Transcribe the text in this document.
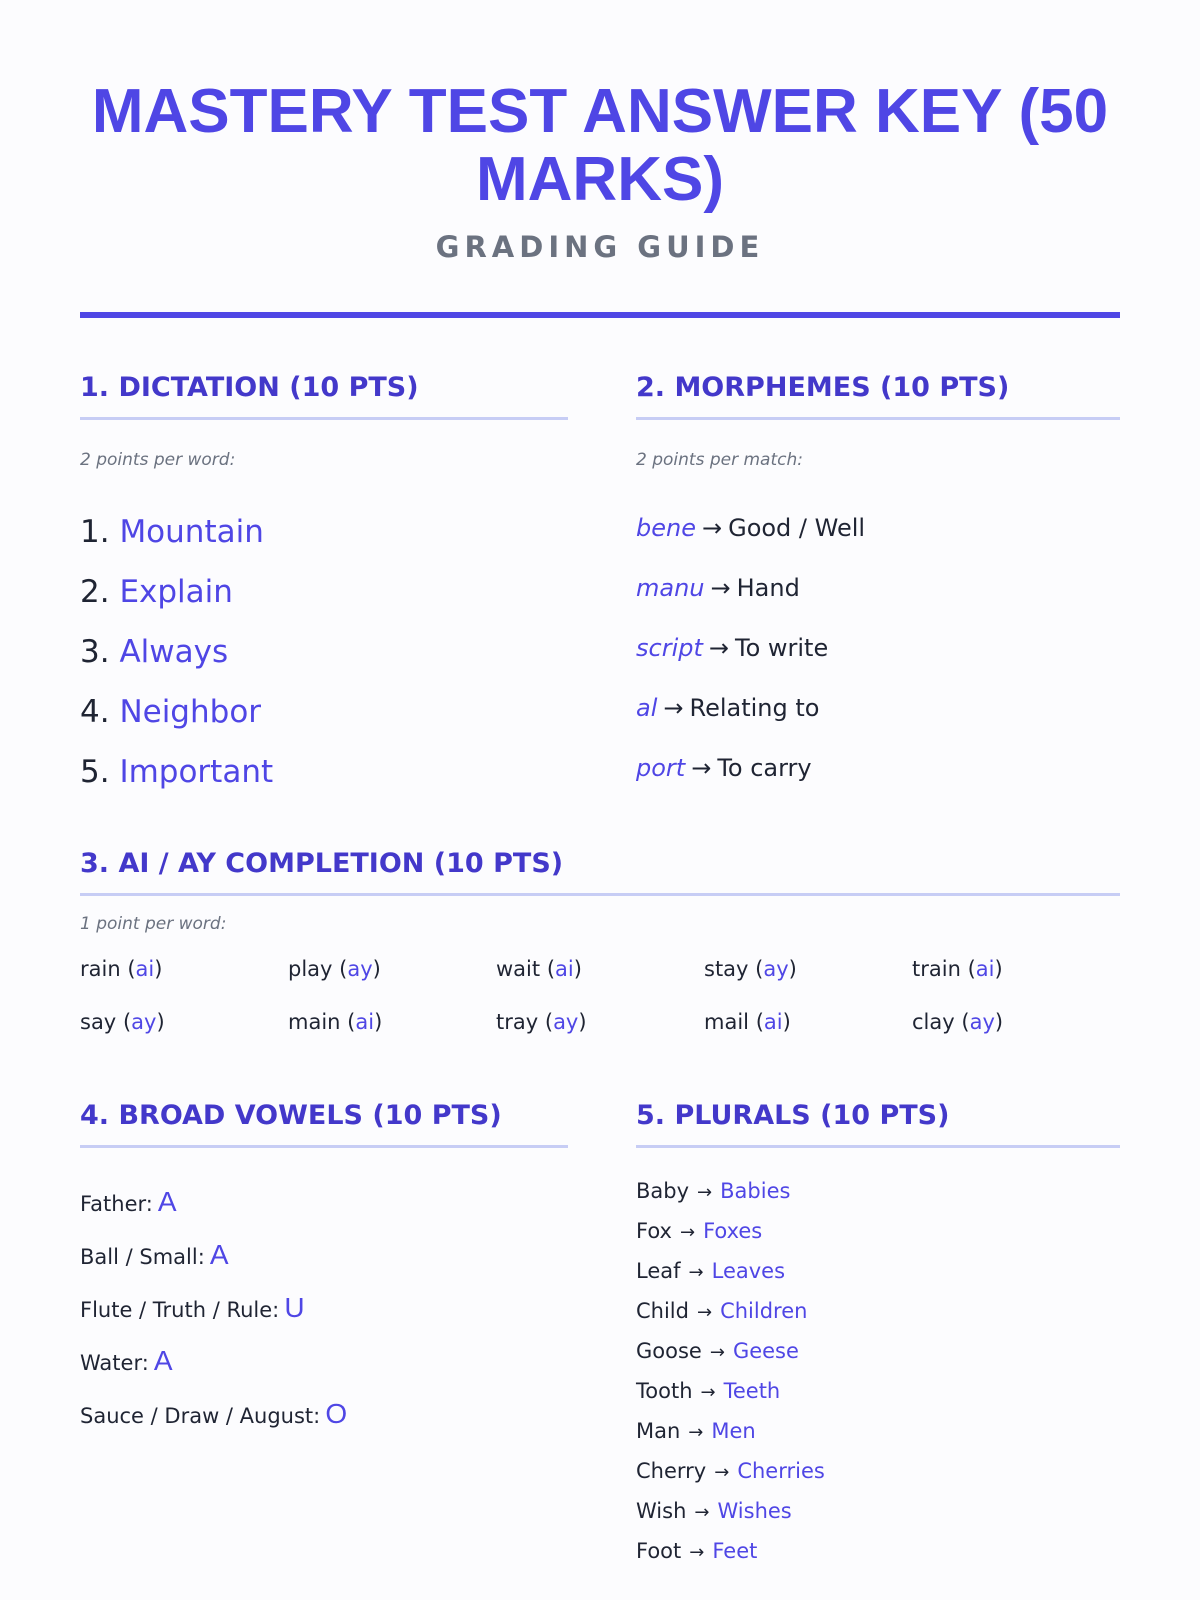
MASTERY TEST ANSWER KEY (50 MARKS)
GRADING GUIDE
1. DICTATION (10 PTS)
2 points per word:
1. Mountain
2. Explain
3. Always
4. Neighbor
5. Important
2. MORPHEMES (10 PTS)
2 points per match:
bene → Good / Well
manu → Hand
script → To write
al → Relating to
port → To carry
3. AI / AY COMPLETION (10 PTS)
1 point per word:
rain (ai)	play (ay)	wait (ai)	stay (ay)	train (ai)
say (ay)	main (ai)	tray (ay)	mail (ai)	clay (ay)
4. BROAD VOWELS (10 PTS)
Father: A
Ball / Small: A
Flute / Truth / Rule: U
Water: A
Sauce / Draw / August: O
5. PLURALS (10 PTS)
Baby → Babies
Fox → Foxes
Leaf → Leaves
Child → Children
Goose → Geese
Tooth → Teeth
Man → Men
Cherry → Cherries
Wish → Wishes
Foot → Feet
